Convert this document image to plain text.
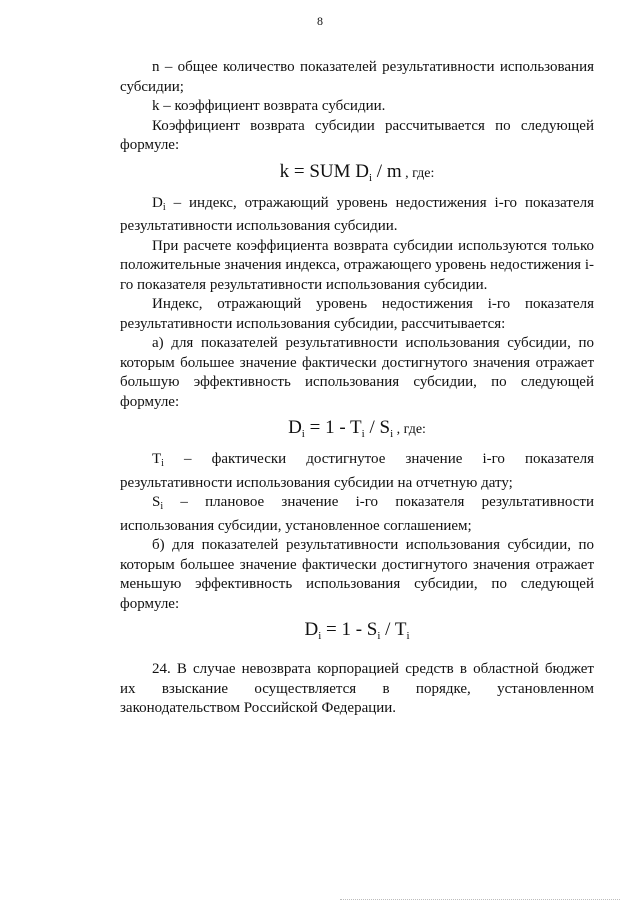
8

n – общее количество показателей результативности использования субсидии;

k – коэффициент возврата субсидии.

Коэффициент возврата субсидии рассчитывается по следующей формуле:

k = SUM $D_i$ / m , где:

$D_i$ – индекс, отражающий уровень недостижения i-го показателя результативности использования субсидии.

При расчете коэффициента возврата субсидии используются только положительные значения индекса, отражающего уровень недостижения i-го показателя результативности использования субсидии.

Индекс, отражающий уровень недостижения i-го показателя результативности использования субсидии, рассчитывается:

а) для показателей результативности использования субсидии, по которым большее значение фактически достигнутого значения отражает большую эффективность использования субсидии, по следующей формуле:

$D_i = 1 - T_i / S_i$ , где:

$T_i$ – фактически достигнутое значение i-го показателя результативности использования субсидии на отчетную дату;

$S_i$ – плановое значение i-го показателя результативности использования субсидии, установленное соглашением;

б) для показателей результативности использования субсидии, по которым большее значение фактически достигнутого значения отражает меньшую эффективность использования субсидии, по следующей формуле:

$D_i = 1 - S_i / T_i$

24. В случае невозврата корпорацией средств в областной бюджет их взыскание осуществляется в порядке, установленном законодательством Российской Федерации.
